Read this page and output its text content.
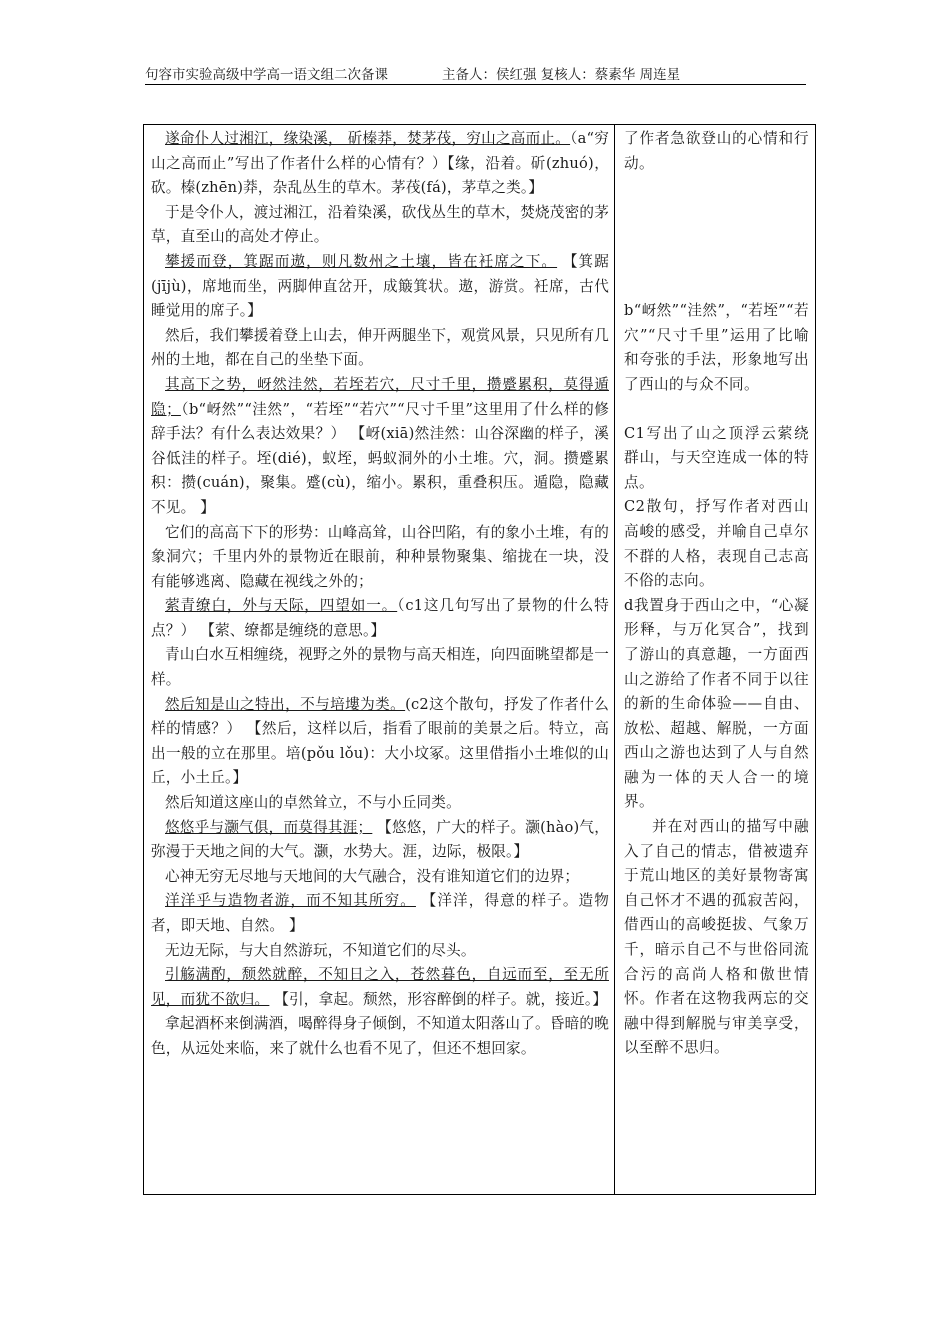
句容市实验高级中学高一语文组二次备课	主备人：侯红强 复核人：蔡素华 周连星

遂命仆人过湘江，缘染溪， 斫榛莽，焚茅茷，穷山之高而止。（a“穷山之高而止”写出了作者什么样的心情有？）【缘，沿着。斫(zhuó)，砍。榛(zhēn)莽，杂乱丛生的草木。茅茷(fá)，茅草之类。】

于是令仆人，渡过湘江，沿着染溪，砍伐丛生的草木，焚烧茂密的茅草，直至山的高处才停止。

攀援而登，箕踞而遨，则凡数州之土壤，皆在衽席之下。 【箕踞(jījù)，席地而坐，两脚伸直岔开，成簸箕状。遨，游赏。衽席，古代睡觉用的席子。】

然后，我们攀援着登上山去，伸开两腿坐下，观赏风景，只见所有几州的土地，都在自己的坐垫下面。

其高下之势，岈然洼然，若垤若穴，尺寸千里，攒蹙累积，莫得遁隐；（b“岈然”“洼然”，“若垤”“若穴”“尺寸千里”这里用了什么样的修辞手法？有什么表达效果？） 【岈(xiā)然洼然：山谷深幽的样子，溪谷低洼的样子。垤(dié)，蚁垤，蚂蚁洞外的小土堆。穴，洞。攒蹙累积：攒(cuán)，聚集。蹙(cù)，缩小。累积，重叠积压。遁隐，隐藏不见。 】

它们的高高下下的形势：山峰高耸，山谷凹陷，有的象小土堆，有的象洞穴；千里内外的景物近在眼前，种种景物聚集、缩拢在一块，没有能够逃离、隐藏在视线之外的；

萦青缭白，外与天际，四望如一。（c1这几句写出了景物的什么特点？） 【萦、缭都是缠绕的意思。】

青山白水互相缠绕，视野之外的景物与高天相连，向四面眺望都是一样。

然后知是山之特出，不与培塿为类。(c2这个散句，抒发了作者什么样的情感？） 【然后，这样以后，指看了眼前的美景之后。特立，高出一般的立在那里。培(pǒu lǒu)：大小坟冢。这里借指小土堆似的山丘，小土丘。】

然后知道这座山的卓然耸立，不与小丘同类。

悠悠乎与灏气俱，而莫得其涯； 【悠悠，广大的样子。灏(hào)气，弥漫于天地之间的大气。灏，水势大。涯，边际，极限。】

心神无穷无尽地与天地间的大气融合，没有谁知道它们的边界；

洋洋乎与造物者游，而不知其所穷。 【洋洋，得意的样子。造物者，即天地、自然。 】

无边无际，与大自然游玩，不知道它们的尽头。

引觞满酌，颓然就醉，不知日之入，苍然暮色，自远而至，至无所见，而犹不欲归。 【引，拿起。颓然，形容醉倒的样子。就，接近。】

拿起酒杯来倒满酒，喝醉得身子倾倒，不知道太阳落山了。昏暗的晚色，从远处来临，来了就什么也看不见了，但还不想回家。

了作者急欲登山的心情和行动。

b“岈然”“洼然”，“若垤”“若穴”“尺寸千里”运用了比喻和夸张的手法，形象地写出了西山的与众不同。

C1写出了山之顶浮云萦绕群山，与天空连成一体的特点。

C2散句，抒写作者对西山高峻的感受，并喻自己卓尔不群的人格，表现自己志高不俗的志向。

d我置身于西山之中，“心凝形释，与万化冥合”，找到了游山的真意趣，一方面西山之游给了作者不同于以往的新的生命体验——自由、放松、超越、解脱，一方面西山之游也达到了人与自然融为一体的天人合一的境界。

并在对西山的描写中融入了自己的情志，借被遗弃于荒山地区的美好景物寄寓自己怀才不遇的孤寂苦闷，借西山的高峻挺拔、气象万千，暗示自己不与世俗同流合污的高尚人格和傲世情怀。作者在这物我两忘的交融中得到解脱与审美享受，以至醉不思归。
